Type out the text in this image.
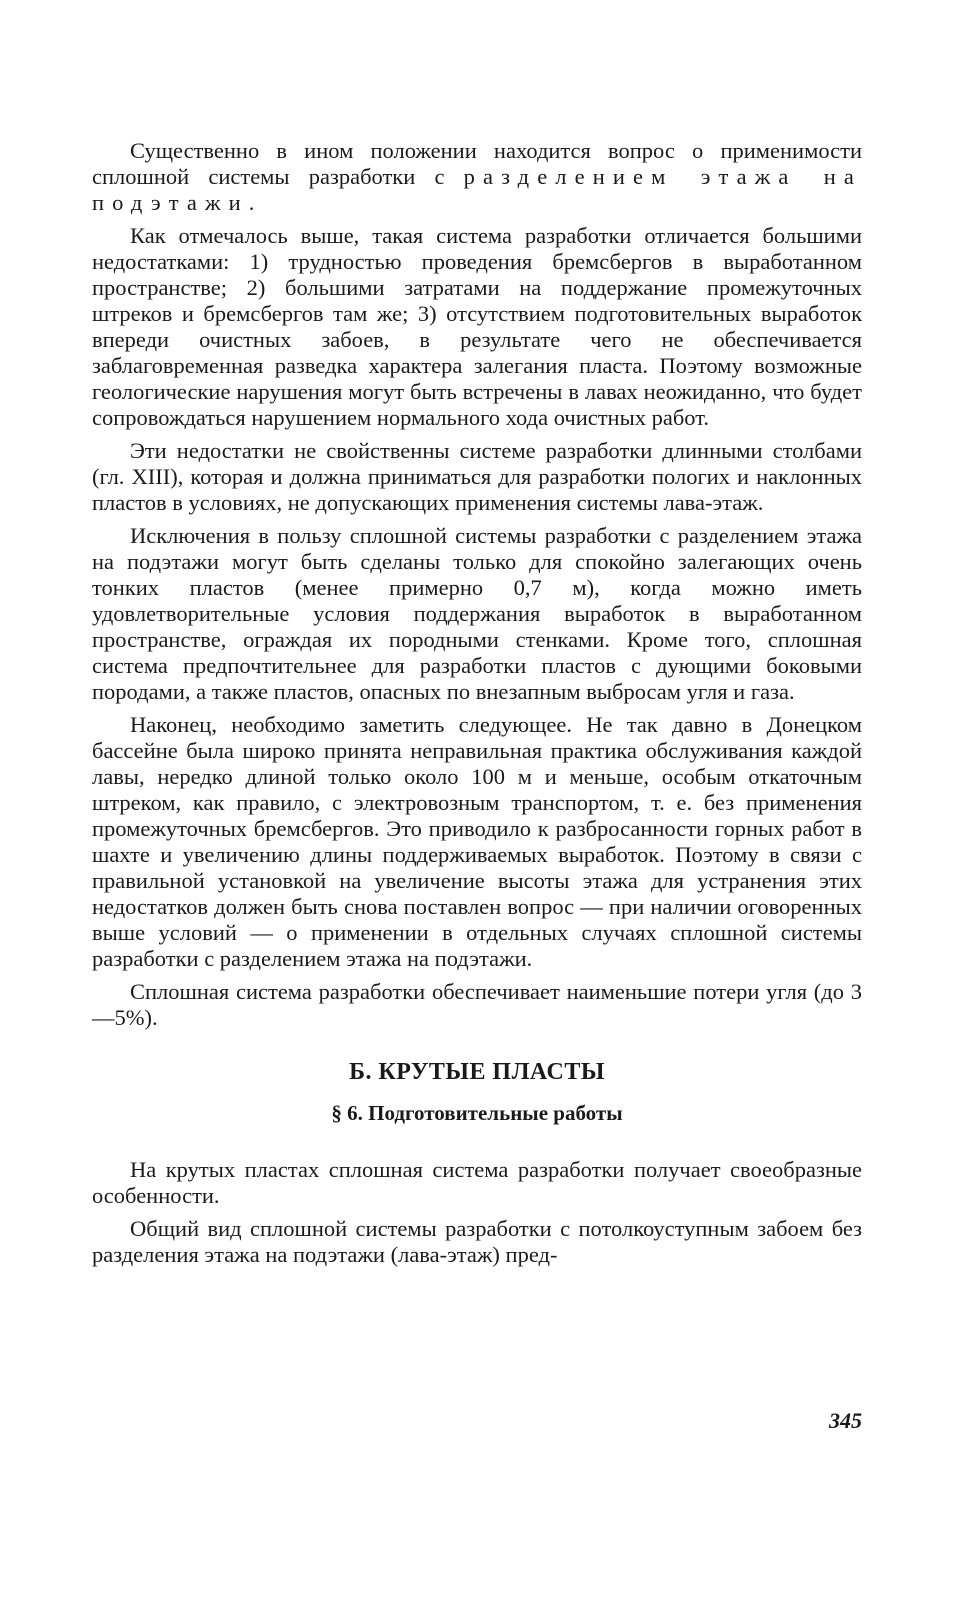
Существенно в ином положении находится вопрос о применимости сплошной системы разработки с разделением этажа на подэтажи.

Как отмечалось выше, такая система разработки отличается большими недостатками: 1) трудностью проведения бремсбергов в выработанном пространстве; 2) большими затратами на поддержание промежуточных штреков и бремсбергов там же; 3) отсутствием подготовительных выработок впереди очистных забоев, в результате чего не обеспечивается заблаговременная разведка характера залегания пласта. Поэтому возможные геологические нарушения могут быть встречены в лавах неожиданно, что будет сопровождаться нарушением нормального хода очистных работ.

Эти недостатки не свойственны системе разработки длинными столбами (гл. XIII), которая и должна приниматься для разработки пологих и наклонных пластов в условиях, не допускающих применения системы лава-этаж.

Исключения в пользу сплошной системы разработки с разделением этажа на подэтажи могут быть сделаны только для спокойно залегающих очень тонких пластов (менее примерно 0,7 м), когда можно иметь удовлетворительные условия поддержания выработок в выработанном пространстве, ограждая их породными стенками. Кроме того, сплошная система предпочтительнее для разработки пластов с дующими боковыми породами, а также пластов, опасных по внезапным выбросам угля и газа.

Наконец, необходимо заметить следующее. Не так давно в Донецком бассейне была широко принята неправильная практика обслуживания каждой лавы, нередко длиной только около 100 м и меньше, особым откаточным штреком, как правило, с электровозным транспортом, т. е. без применения промежуточных бремсбергов. Это приводило к разбросанности горных работ в шахте и увеличению длины поддерживаемых выработок. Поэтому в связи с правильной установкой на увеличение высоты этажа для устранения этих недостатков должен быть снова поставлен вопрос — при наличии оговоренных выше условий — о применении в отдельных случаях сплошной системы разработки с разделением этажа на подэтажи.

Сплошная система разработки обеспечивает наименьшие потери угля (до 3—5%).

Б. КРУТЫЕ ПЛАСТЫ
§ 6. Подготовительные работы

На крутых пластах сплошная система разработки получает своеобразные особенности.

Общий вид сплошной системы разработки с потолкоуступным забоем без разделения этажа на подэтажи (лава-этаж) пред-

345
